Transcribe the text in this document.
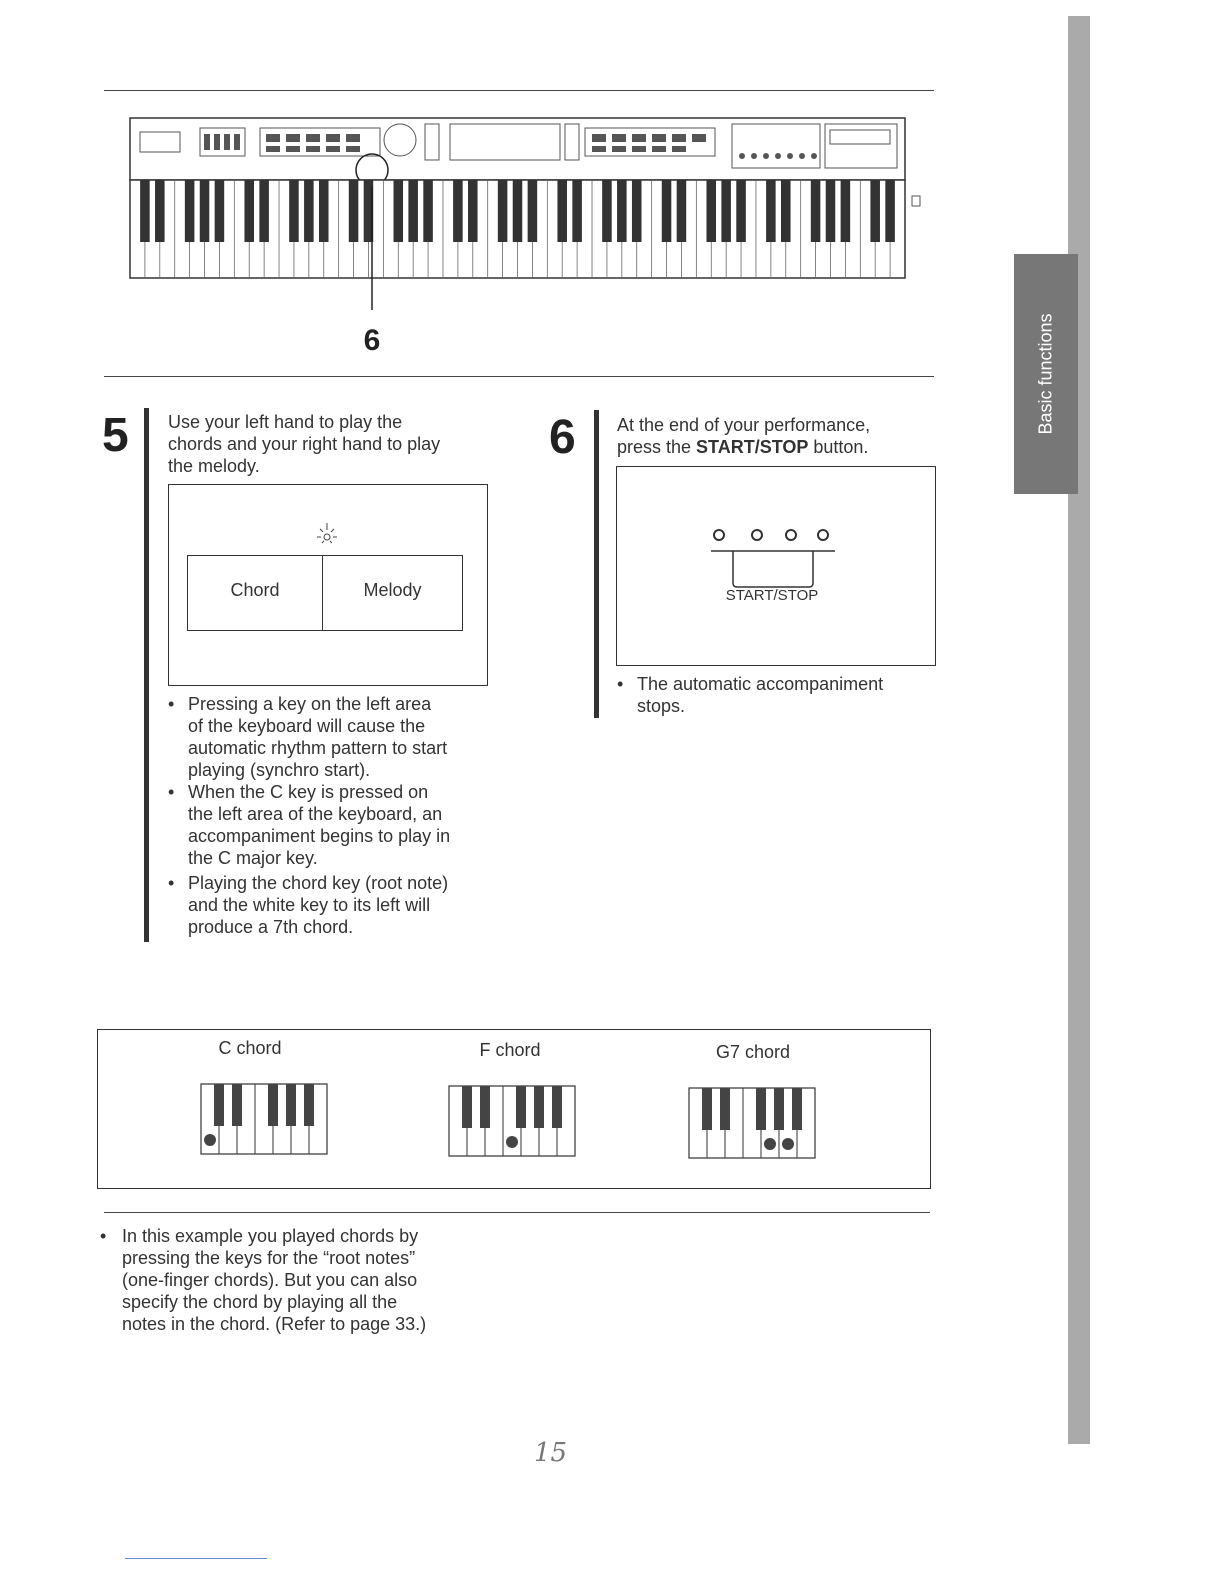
Basic functions
6
5 Use your left hand to play the
chords and your right hand to play
the melody.
Chord	Melody
• Pressing a key on the left area
of the keyboard will cause the
automatic rhythm pattern to start
playing (synchro start).
• When the C key is pressed on
the left area of the keyboard, an
accompaniment begins to play in
the C major key.
• Playing the chord key (root note)
and the white key to its left will
produce a 7th chord.
6 At the end of your performance,
press the START/STOP button.
START/STOP
• The automatic accompaniment
stops.
C chord	F chord	G7 chord
• In this example you played chords by
pressing the keys for the “root notes”
(one-finger chords). But you can also
specify the chord by playing all the
notes in the chord. (Refer to page 33.)
15
